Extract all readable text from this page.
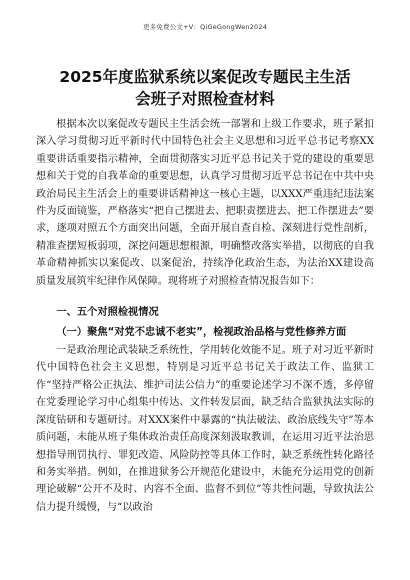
更多免费公文+V：QiGeGongWen2024
2025年度监狱系统以案促改专题民主生活
会班子对照检查材料

根据本次以案促改专题民主生活会统一部署和上级工作要求，班子紧扣深入学习贯彻习近平新时代中国特色社会主义思想和习近平总书记考察XX重要讲话重要指示精神，全面贯彻落实习近平总书记关于党的建设的重要思想和关于党的自我革命的重要思想，认真学习贯彻习近平总书记在中共中央政治局民主生活会上的重要讲话精神这一核心主题，以XXX严重违纪违法案件为反面镜鉴，严格落实“把自己摆进去、把职责摆进去、把工作摆进去”要求，逐项对照五个方面突出问题，全面开展自查自检、深刻进行党性剖析，精准查摆短板弱项，深挖问题思想根源，明确整改落实举措，以彻底的自我革命精神抓实以案促改、以案促治，持续净化政治生态，为法治XX建设高质量发展筑牢纪律作风保障。现将班子对照检查情况报告如下：

一、五个对照检视情况
（一）聚焦“对党不忠诚不老实”，检视政治品格与党性修养方面

一是政治理论武装缺乏系统性，学用转化效能不足。班子对习近平新时代中国特色社会主义思想，特别是习近平总书记关于政法工作、监狱工作“坚持严格公正执法、维护司法公信力”的重要论述学习不深不透，多停留在党委理论学习中心组集中传达、文件转发层面，缺乏结合监狱执法实际的深度钻研和专题研讨。对XXX案件中暴露的“执法破法、政治底线失守”等本质问题，未能从班子集体政治责任高度深刻汲取教训，在运用习近平法治思想指导刑罚执行、罪犯改造、风险防控等具体工作时，缺乏系统性转化路径和务实举措。例如，在推进狱务公开规范化建设中，未能充分运用党的创新理论破解“公开不及时、内容不全面、监督不到位”等共性问题，导致执法公信力提升缓慢，与“以政治
